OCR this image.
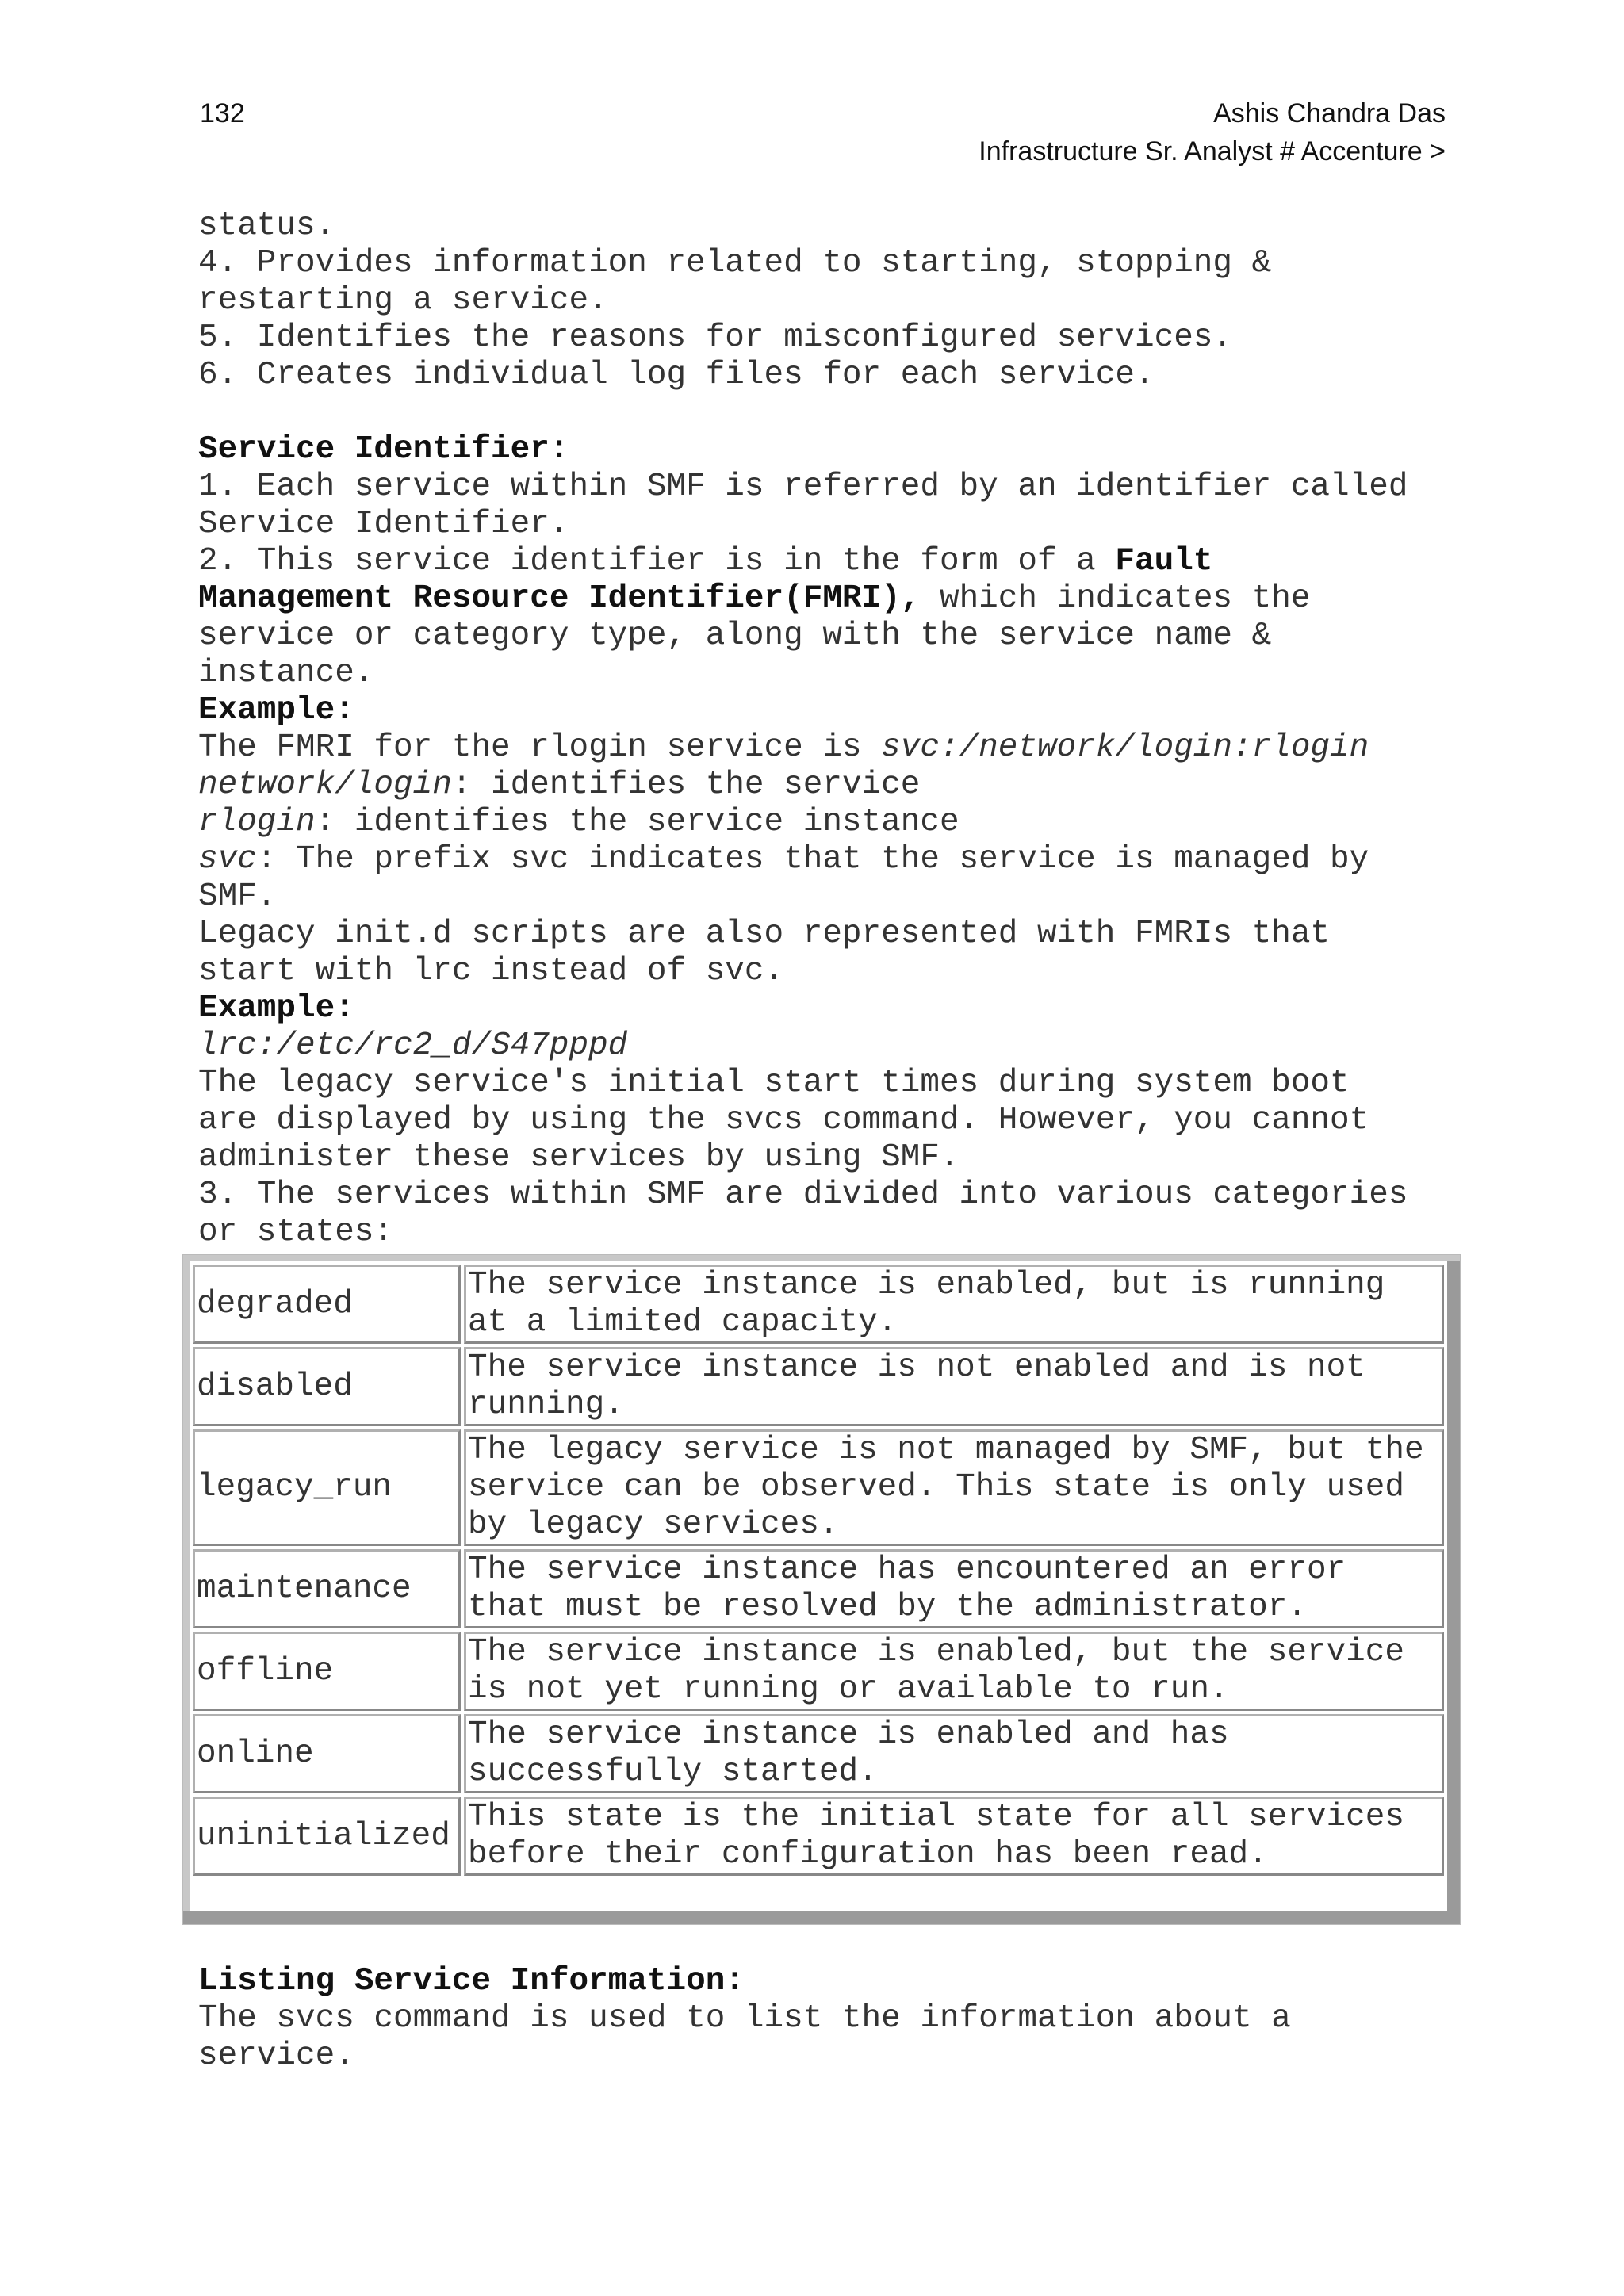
132	Ashis Chandra Das
Infrastructure Sr. Analyst # Accenture >
status.
4. Provides information related to starting, stopping &
restarting a service.
5. Identifies the reasons for misconfigured services.
6. Creates individual log files for each service.
Service Identifier:
1. Each service within SMF is referred by an identifier called
Service Identifier.
2. This service identifier is in the form of a Fault
Management Resource Identifier(FMRI), which indicates the
service or category type, along with the service name &
instance.
Example:
The FMRI for the rlogin service is svc:/network/login:rlogin
network/login: identifies the service
rlogin: identifies the service instance
svc: The prefix svc indicates that the service is managed by
SMF.
Legacy init.d scripts are also represented with FMRIs that
start with lrc instead of svc.
Example:
lrc:/etc/rc2_d/S47pppd
The legacy service's initial start times during system boot
are displayed by using the svcs command. However, you cannot
administer these services by using SMF.
3. The services within SMF are divided into various categories
or states:
degraded	The service instance is enabled, but is running
at a limited capacity.

disabled	The service instance is not enabled and is not
running.

legacy_run	The legacy service is not managed by SMF, but the
service can be observed. This state is only used
by legacy services.

maintenance	The service instance has encountered an error
that must be resolved by the administrator.

offline	The service instance is enabled, but the service
is not yet running or available to run.

online	The service instance is enabled and has
successfully started.

uninitialized	This state is the initial state for all services
before their configuration has been read.
Listing Service Information:
The svcs command is used to list the information about a
service.
